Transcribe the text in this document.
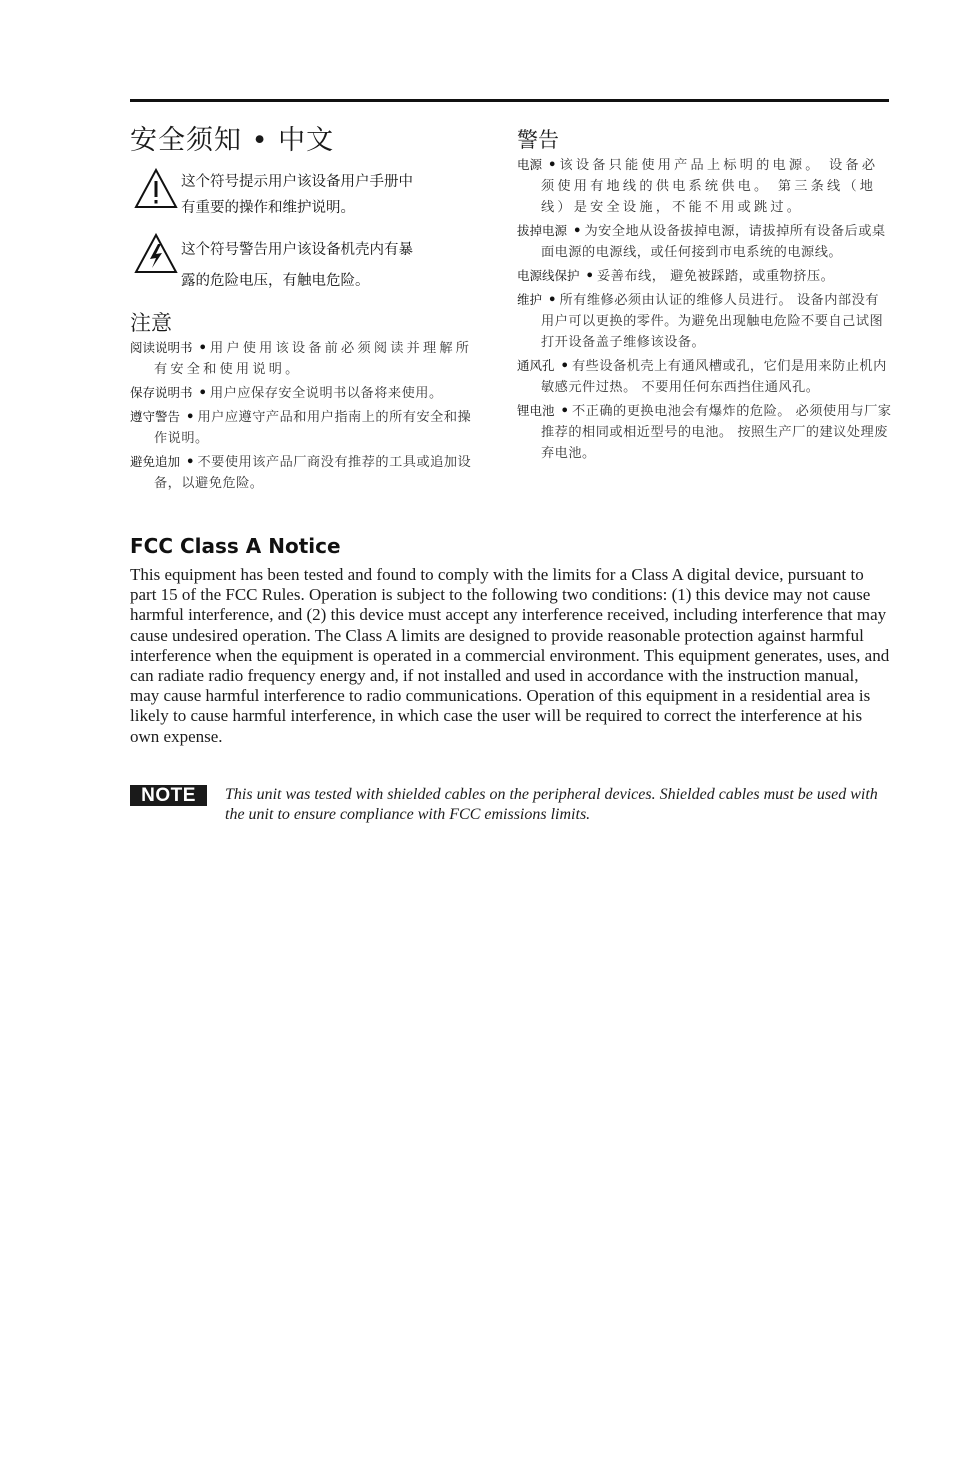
安全须知 • 中文
这个符号提示用户该设备用户手册中
有重要的操作和维护说明。
这个符号警告用户该设备机壳内有暴
露的危险电压，有触电危险。
注意
阅读说明书 • 用户使用该设备前必须阅读并理解所有安全和使用说明。
保存说明书 • 用户应保存安全说明书以备将来使用。
遵守警告 • 用户应遵守产品和用户指南上的所有安全和操作说明。
避免追加 • 不要使用该产品厂商没有推荐的工具或追加设备，以避免危险。
警告
电源 • 该设备只能使用产品上标明的电源。 设备必须使用有地线的供电系统供电。 第三条线（地线）是安全设施，不能不用或跳过。
拔掉电源 • 为安全地从设备拔掉电源，请拔掉所有设备后或桌面电源的电源线，或任何接到市电系统的电源线。
电源线保护 • 妥善布线， 避免被踩踏，或重物挤压。
维护 • 所有维修必须由认证的维修人员进行。 设备内部没有用户可以更换的零件。为避免出现触电危险不要自己试图打开设备盖子维修该设备。
通风孔 • 有些设备机壳上有通风槽或孔，它们是用来防止机内敏感元件过热。 不要用任何东西挡住通风孔。
锂电池 • 不正确的更换电池会有爆炸的危险。 必须使用与厂家推荐的相同或相近型号的电池。 按照生产厂的建议处理废弃电池。
FCC Class A Notice

This equipment has been tested and found to comply with the limits for a Class A digital device, pursuant to part 15 of the FCC Rules. Operation is subject to the following two conditions: (1) this device may not cause harmful interference, and (2) this device must accept any interference received, including interference that may cause undesired operation. The Class A limits are designed to provide reasonable protection against harmful interference when the equipment is operated in a commercial environment. This equipment generates, uses, and can radiate radio frequency energy and, if not installed and used in accordance with the instruction manual, may cause harmful interference to radio communications. Operation of this equipment in a residential area is likely to cause harmful interference, in which case the user will be required to correct the interference at his own expense.

NOTE	This unit was tested with shielded cables on the peripheral devices. Shielded cables must be used with the unit to ensure compliance with FCC emissions limits.
